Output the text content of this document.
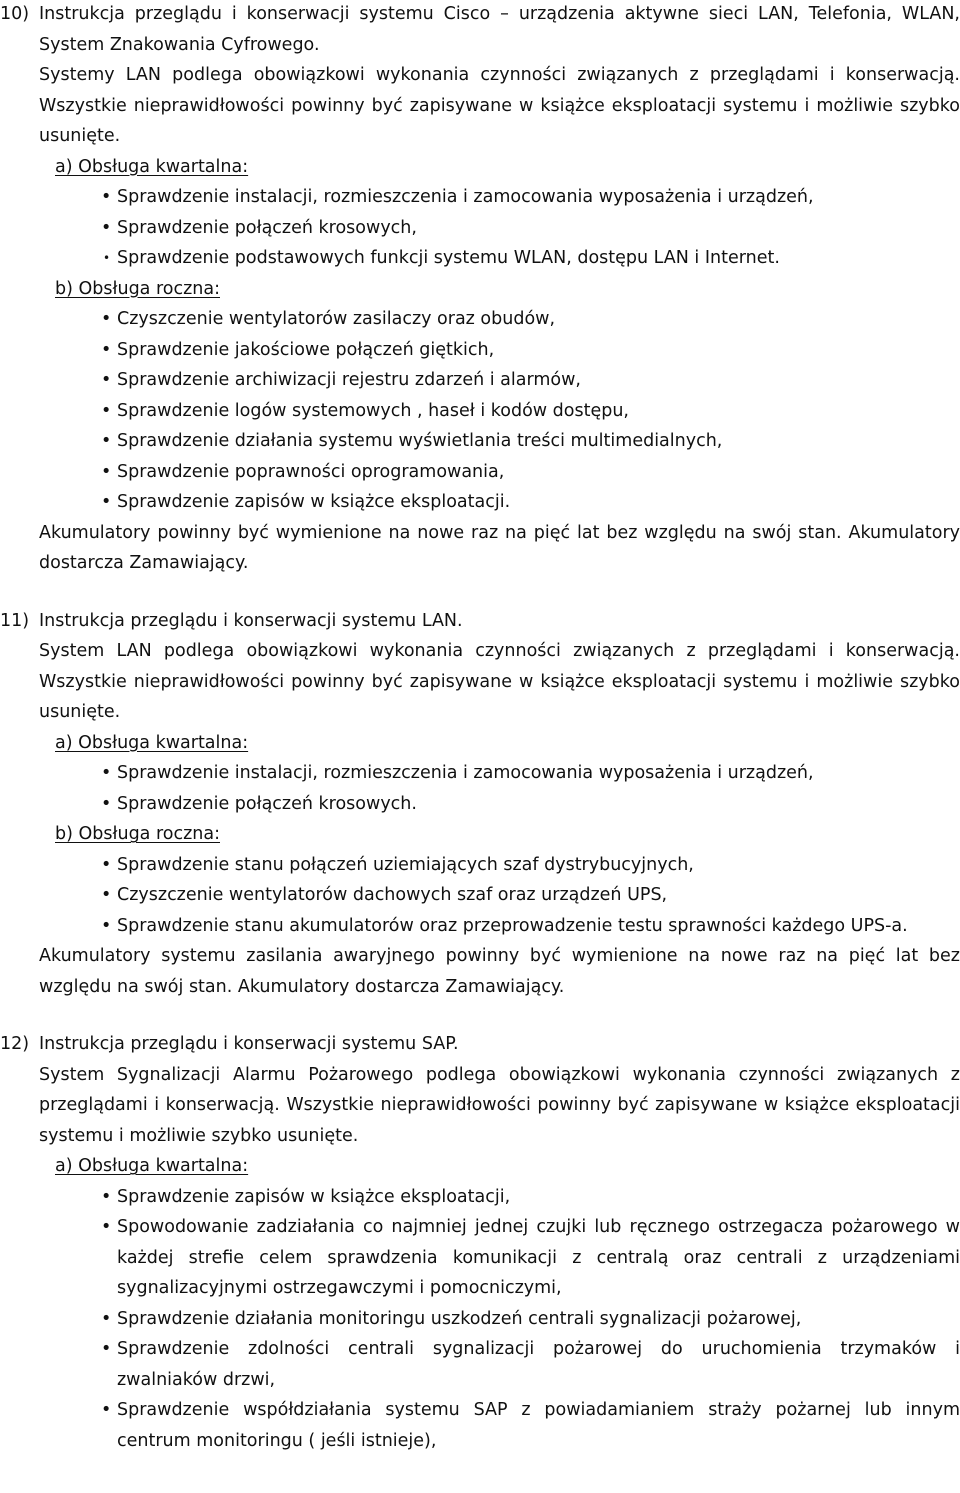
10) Instrukcja przeglądu i konserwacji systemu Cisco – urządzenia aktywne sieci LAN, Telefonia, WLAN, System Znakowania Cyfrowego.
Systemy LAN podlega obowiązkowi wykonania czynności związanych z przeglądami i konserwacją. Wszystkie nieprawidłowości powinny być zapisywane w książce eksploatacji systemu i możliwie szybko usunięte.
a) Obsługa kwartalna:
• Sprawdzenie instalacji, rozmieszczenia i zamocowania wyposażenia i urządzeń,
• Sprawdzenie połączeń krosowych,
• Sprawdzenie podstawowych funkcji systemu WLAN, dostępu LAN i Internet.
b) Obsługa roczna:
• Czyszczenie wentylatorów zasilaczy oraz obudów,
• Sprawdzenie jakościowe połączeń giętkich,
• Sprawdzenie archiwizacji rejestru zdarzeń i alarmów,
• Sprawdzenie logów systemowych , haseł i kodów dostępu,
• Sprawdzenie działania systemu wyświetlania treści multimedialnych,
• Sprawdzenie poprawności oprogramowania,
• Sprawdzenie zapisów w książce eksploatacji.
Akumulatory powinny być wymienione na nowe raz na pięć lat bez względu na swój stan. Akumulatory dostarcza Zamawiający.
11) Instrukcja przeglądu i konserwacji systemu LAN.
System LAN podlega obowiązkowi wykonania czynności związanych z przeglądami i konserwacją. Wszystkie nieprawidłowości powinny być zapisywane w książce eksploatacji systemu i możliwie szybko usunięte.
a) Obsługa kwartalna:
• Sprawdzenie instalacji, rozmieszczenia i zamocowania wyposażenia i urządzeń,
• Sprawdzenie połączeń krosowych.
b) Obsługa roczna:
• Sprawdzenie stanu połączeń uziemiających szaf dystrybucyjnych,
• Czyszczenie wentylatorów dachowych szaf oraz urządzeń UPS,
• Sprawdzenie stanu akumulatorów oraz przeprowadzenie testu sprawności każdego UPS-a.
Akumulatory systemu zasilania awaryjnego powinny być wymienione na nowe raz na pięć lat bez względu na swój stan. Akumulatory dostarcza Zamawiający.
12) Instrukcja przeglądu i konserwacji systemu SAP.
System Sygnalizacji Alarmu Pożarowego podlega obowiązkowi wykonania czynności związanych z przeglądami i konserwacją. Wszystkie nieprawidłowości powinny być zapisywane w książce eksploatacji systemu i możliwie szybko usunięte.
a) Obsługa kwartalna:
• Sprawdzenie zapisów w książce eksploatacji,
• Spowodowanie zadziałania co najmniej jednej czujki lub ręcznego ostrzegacza pożarowego w każdej strefie celem sprawdzenia komunikacji z centralą oraz centrali z urządzeniami sygnalizacyjnymi ostrzegawczymi i pomocniczymi,
• Sprawdzenie działania monitoringu uszkodzeń centrali sygnalizacji pożarowej,
• Sprawdzenie zdolności centrali sygnalizacji pożarowej do uruchomienia trzymaków i zwalniaków drzwi,
• Sprawdzenie współdziałania systemu SAP z powiadamianiem straży pożarnej lub innym centrum monitoringu ( jeśli istnieje),
